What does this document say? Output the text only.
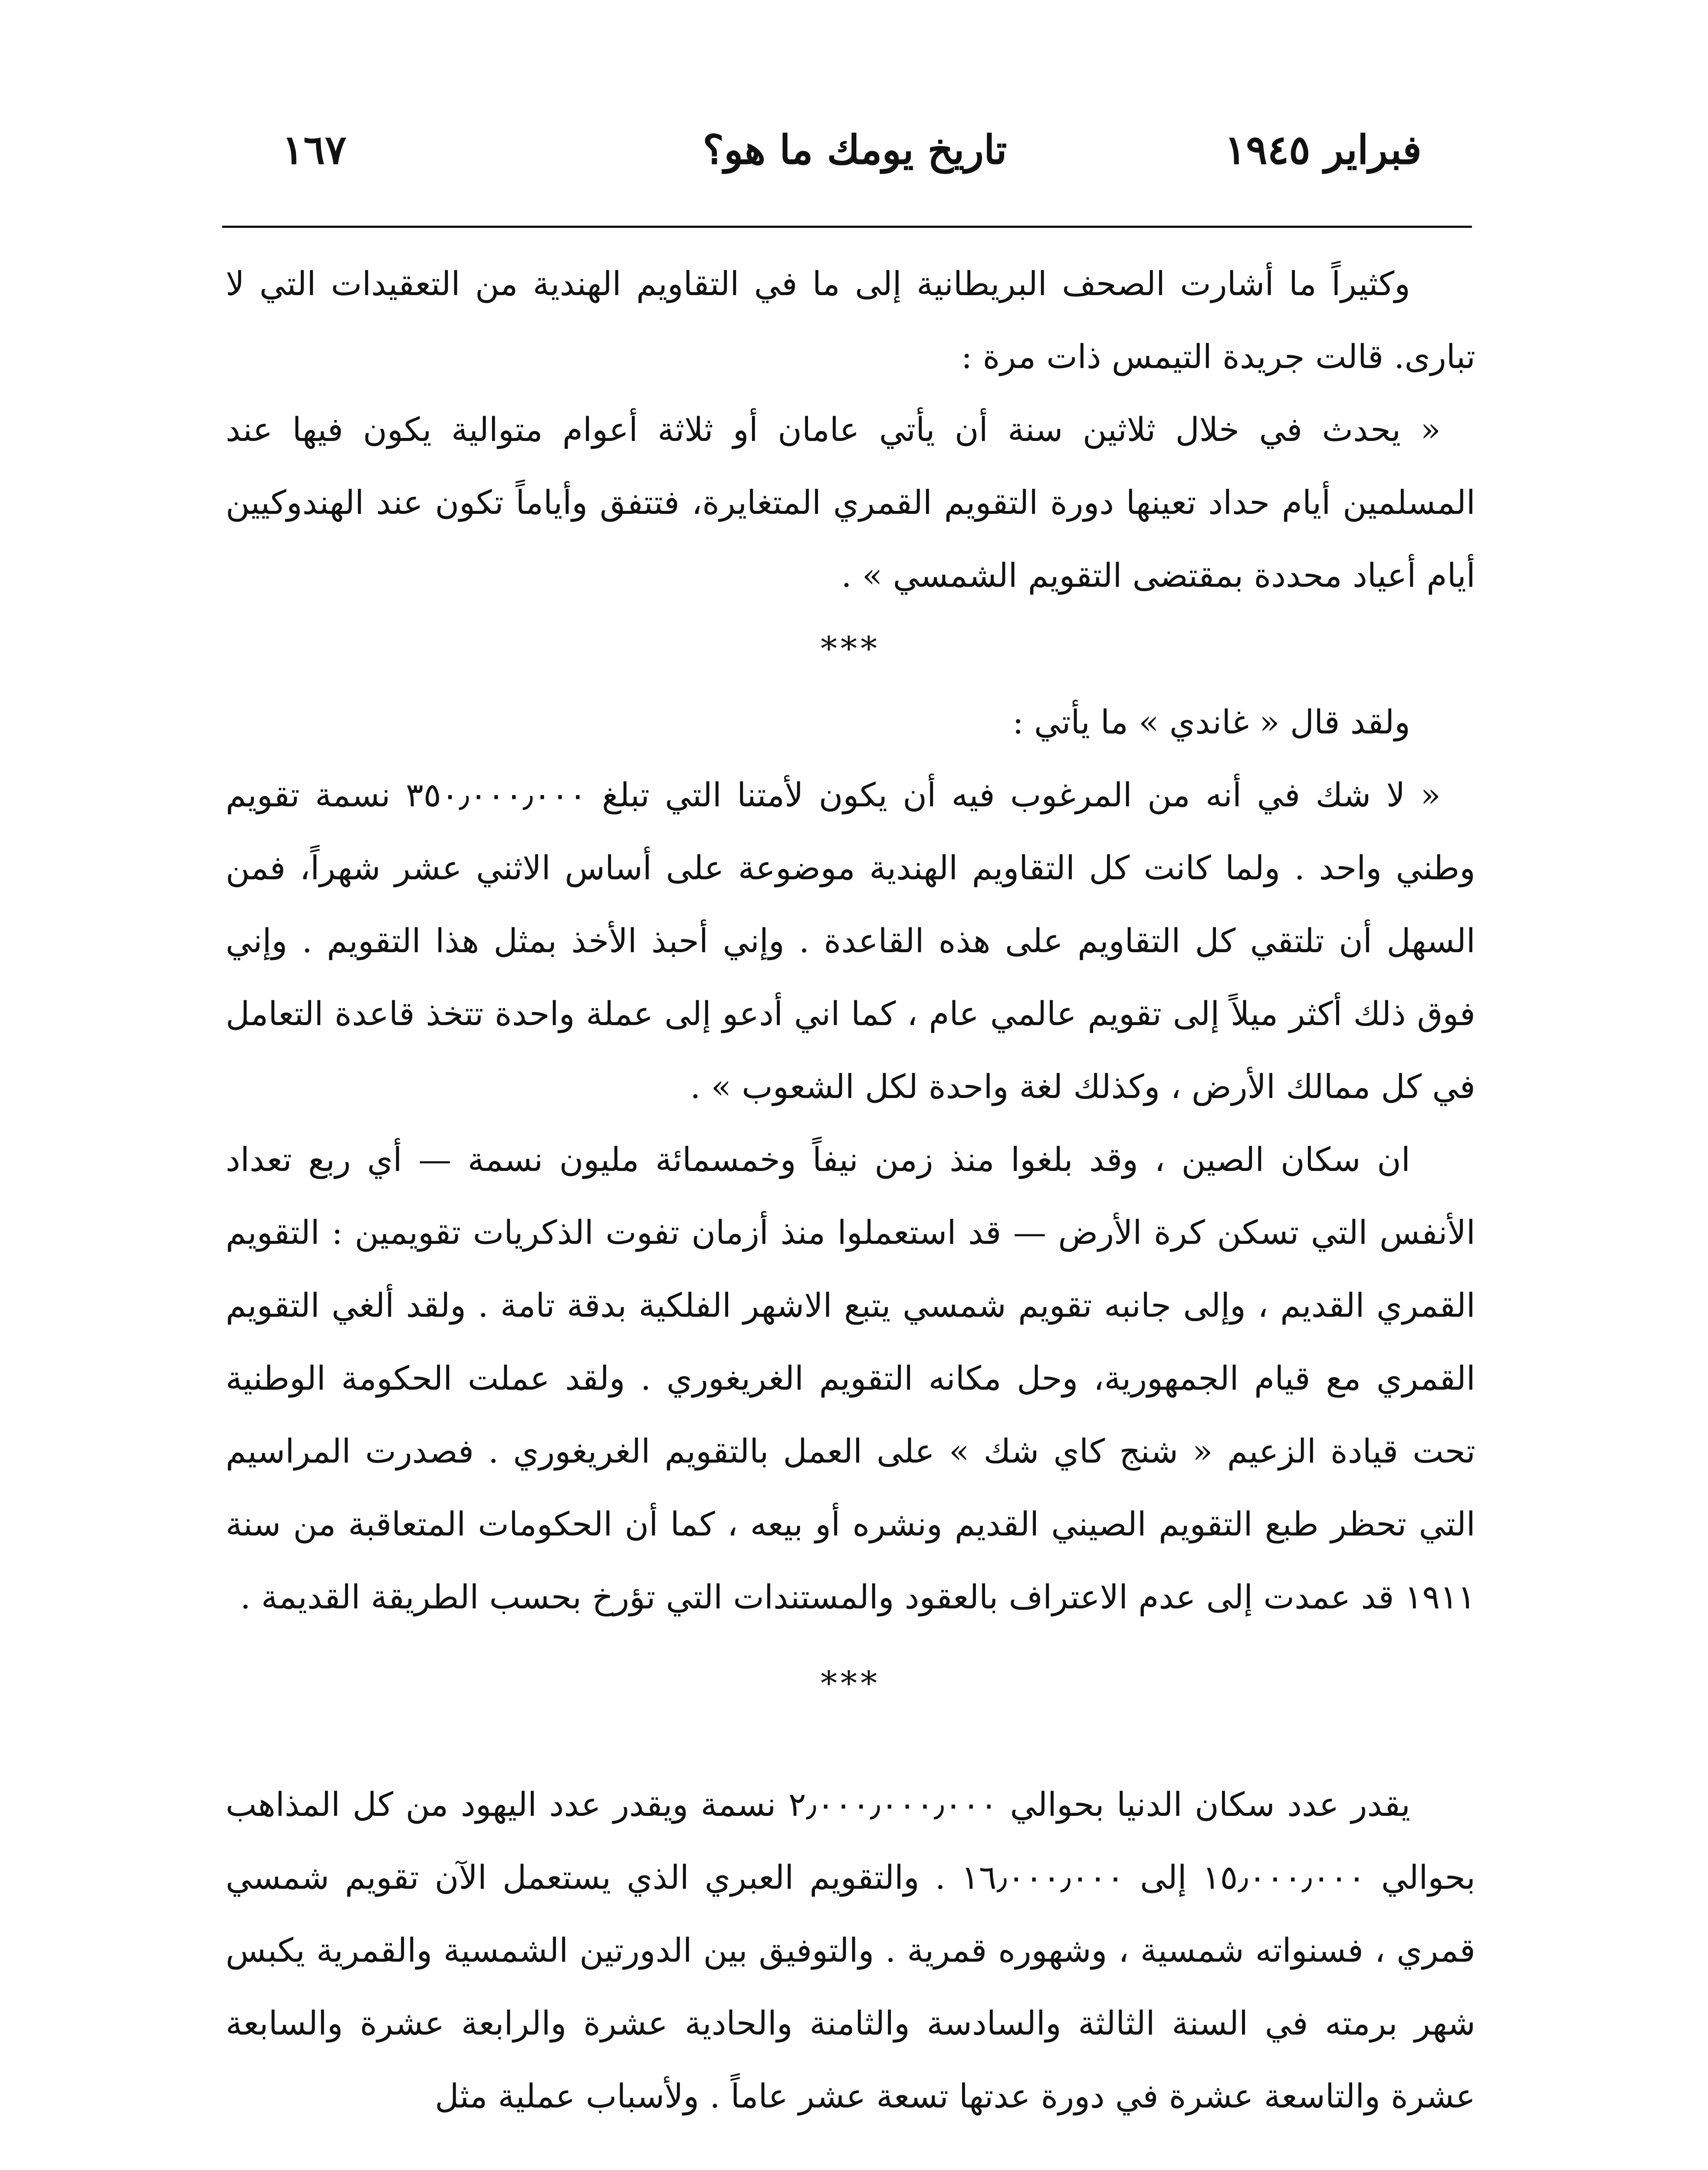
فبراير ١٩٤٥
تاريخ يومك ما هو؟
١٦٧

وكثيراً ما أشارت الصحف البريطانية إلى ما في التقاويم الهندية من التعقيدات التي لا تبارى. قالت جريدة التيمس ذات مرة :

« يحدث في خلال ثلاثين سنة أن يأتي عامان أو ثلاثة أعوام متوالية يكون فيها عند المسلمين أيام حداد تعينها دورة التقويم القمري المتغايرة، فتتفق وأياماً تكون عند الهندوكيين أيام أعياد محددة بمقتضى التقويم الشمسي » .

***

ولقد قال « غاندي » ما يأتي :

« لا شك في أنه من المرغوب فيه أن يكون لأمتنا التي تبلغ ٣٥٠٫٠٠٠٫٠٠٠ نسمة تقويم وطني واحد . ولما كانت كل التقاويم الهندية موضوعة على أساس الاثني عشر شهراً، فمن السهل أن تلتقي كل التقاويم على هذه القاعدة . وإني أحبذ الأخذ بمثل هذا التقويم . وإني فوق ذلك أكثر ميلاً إلى تقويم عالمي عام ، كما اني أدعو إلى عملة واحدة تتخذ قاعدة التعامل في كل ممالك الأرض ، وكذلك لغة واحدة لكل الشعوب » .

ان سكان الصين ، وقد بلغوا منذ زمن نيفاً وخمسمائة مليون نسمة — أي ربع تعداد الأنفس التي تسكن كرة الأرض — قد استعملوا منذ أزمان تفوت الذكريات تقويمين : التقويم القمري القديم ، وإلى جانبه تقويم شمسي يتبع الاشهر الفلكية بدقة تامة . ولقد ألغي التقويم القمري مع قيام الجمهورية، وحل مكانه التقويم الغريغوري . ولقد عملت الحكومة الوطنية تحت قيادة الزعيم « شنج كاي شك » على العمل بالتقويم الغريغوري . فصدرت المراسيم التي تحظر طبع التقويم الصيني القديم ونشره أو بيعه ، كما أن الحكومات المتعاقبة من سنة ١٩١١ قد عمدت إلى عدم الاعتراف بالعقود والمستندات التي تؤرخ بحسب الطريقة القديمة .

***

يقدر عدد سكان الدنيا بحوالي ٢٫٠٠٠٫٠٠٠٫٠٠٠ نسمة ويقدر عدد اليهود من كل المذاهب بحوالي ١٥٫٠٠٠٫٠٠٠ إلى ١٦٫٠٠٠٫٠٠٠ . والتقويم العبري الذي يستعمل الآن تقويم شمسي قمري ، فسنواته شمسية ، وشهوره قمرية . والتوفيق بين الدورتين الشمسية والقمرية يكبس شهر برمته في السنة الثالثة والسادسة والثامنة والحادية عشرة والرابعة عشرة والسابعة عشرة والتاسعة عشرة في دورة عدتها تسعة عشر عاماً . ولأسباب عملية مثل
